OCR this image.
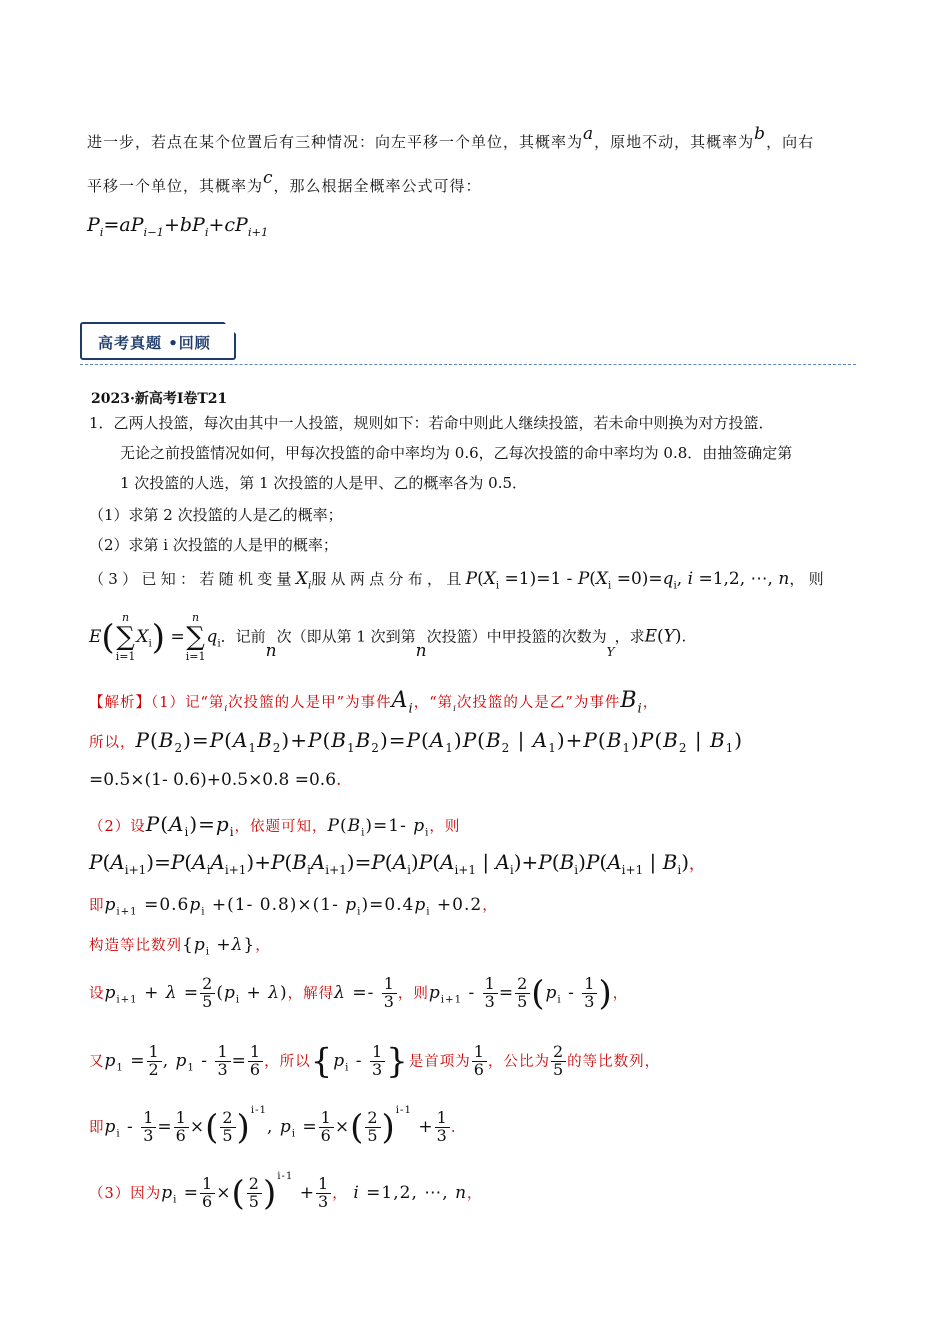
进一步，若点在某个位置后有三种情况：向左平移一个单位，其概率为$^a$，原地不动，其概率为$^b$，向右
平移一个单位，其概率为$^c$，那么根据全概率公式可得：
$P_i=aP_{i-1}+bP_i+cP_{i+1}$
高考真题 •回顾
2023·新高考Ⅰ卷T21
1．乙两人投篮，每次由其中一人投篮，规则如下：若命中则此人继续投篮，若未命中则换为对方投篮．
无论之前投篮情况如何，甲每次投篮的命中率均为 0.6，乙每次投篮的命中率均为 0.8．由抽签确定第
1 次投篮的人选，第 1 次投篮的人是甲、乙的概率各为 0.5．
（1）求第 2 次投篮的人是乙的概率；
（2）求第 i 次投篮的人是甲的概率；
（3）已知：若随机变量$X_i$服从两点分布，且$P(X_i =1)=1 - P(X_i =0)=q_i$, i =1,2, ⋯, n，则
E( n
∑
i=1
$X_i$) =
n
∑
i=1
$q_i$．记前n次（即从第 1 次到第n次投篮）中甲投篮的次数为$_Y$，求E(Y).
【解析】（1）记“第$_i$次投篮的人是甲”为事件$A_i$，“第$_i$次投篮的人是乙”为事件$B_i$，
所以，$P(B_2)=P(A_1B_2)+P(B_1B_2)=P(A_1)P(B_2$ | $A_1)+P(B_1)P(B_2$ | $B_1$)
=0.5×(1- 0.6)+0.5×0.8 =0.6.
（2）设$P(A_i)=p_i$，依题可知，$P(B_i)=1-$ $p_i$，则
$P(A_{i+1})=P(A_iA_{i+1})+P(B_iA_{i+1})=P(A_i)P(A_{i+1}$ | $A_i)+P(B_i)P(A_{i+1}$ | $B_i$)，
即$p_{i+1} =0.6p_i +(1-$ 0.8)×(1- $p_i)=0.4p_i +0.2$，
构造等比数列$\{p_i +\lambda\}$，
设$p_{i+1} + \lambda = \frac{2}{5} (p_i + \lambda)$，解得$\lambda =- \frac{1}{3}$ ，则$p_{i+1} - \frac{1}{3} = \frac{2}{5} (p_i - \frac{1}{3}$ )，
又$p_1 = \frac{1}{2}$ , $p_1 - \frac{1}{3} = \frac{1}{6}$ ，所以{$p_i - \frac{1}{3}$ }是首项为 $\frac{1}{6}$ ，公比为 $\frac{2}{5}$ 的等比数列，
即$p_i - \frac{1}{3} = \frac{1}{6}$ ×( $\frac{2}{5} )^{i-1}$, $p_i = \frac{1}{6}$ ×( $\frac{2}{5} )^{i-1} + \frac{1}{3}$ .
（3）因为$p_i = \frac{1}{6}$ ×( $\frac{2}{5} )^{i-1} + \frac{1}{3}$ ， i =1,2, ⋯, n，
